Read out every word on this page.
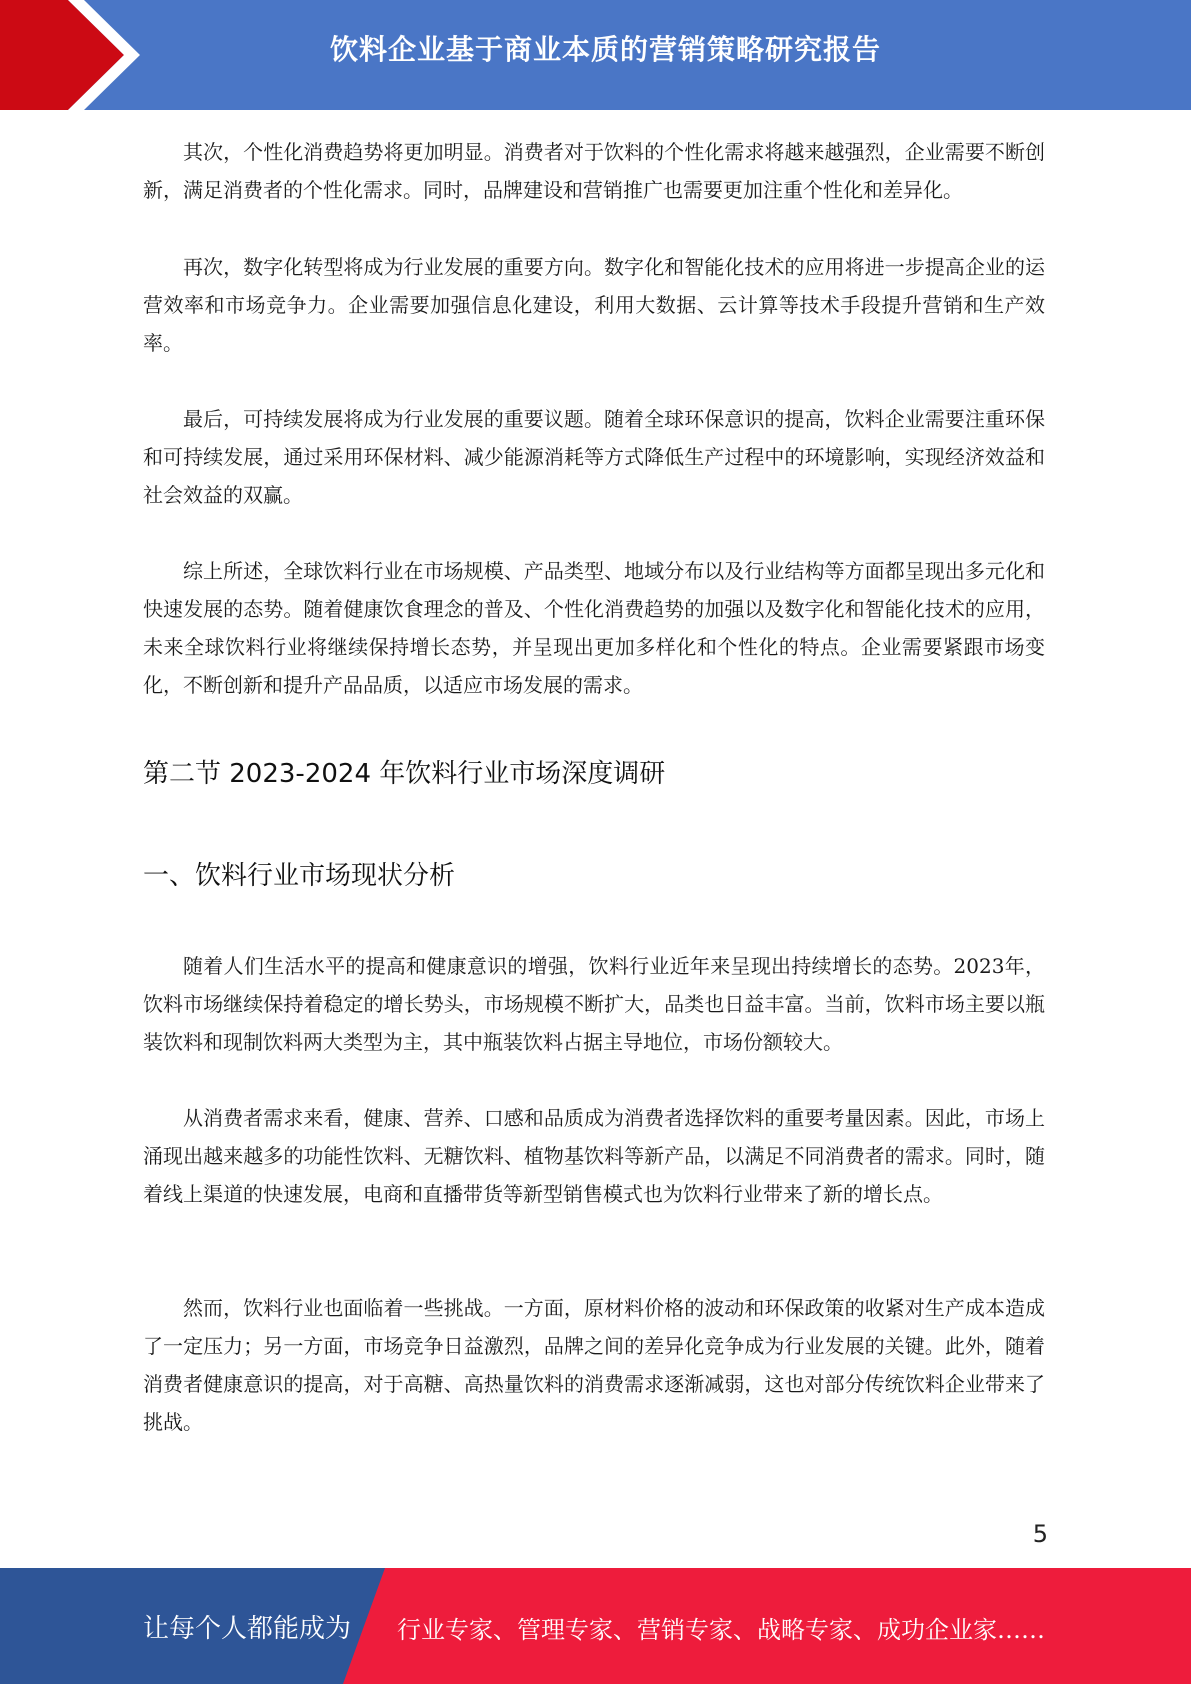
饮料企业基于商业本质的营销策略研究报告

其次，个性化消费趋势将更加明显。消费者对于饮料的个性化需求将越来越强烈，企业需要不断创新，满足消费者的个性化需求。同时，品牌建设和营销推广也需要更加注重个性化和差异化。

再次，数字化转型将成为行业发展的重要方向。数字化和智能化技术的应用将进一步提高企业的运营效率和市场竞争力。企业需要加强信息化建设，利用大数据、云计算等技术手段提升营销和生产效率。

最后，可持续发展将成为行业发展的重要议题。随着全球环保意识的提高，饮料企业需要注重环保和可持续发展，通过采用环保材料、减少能源消耗等方式降低生产过程中的环境影响，实现经济效益和社会效益的双赢。

综上所述，全球饮料行业在市场规模、产品类型、地域分布以及行业结构等方面都呈现出多元化和快速发展的态势。随着健康饮食理念的普及、个性化消费趋势的加强以及数字化和智能化技术的应用，未来全球饮料行业将继续保持增长态势，并呈现出更加多样化和个性化的特点。企业需要紧跟市场变化，不断创新和提升产品品质，以适应市场发展的需求。

第二节 2023-2024 年饮料行业市场深度调研
一、饮料行业市场现状分析

随着人们生活水平的提高和健康意识的增强，饮料行业近年来呈现出持续增长的态势。2023年，饮料市场继续保持着稳定的增长势头，市场规模不断扩大，品类也日益丰富。当前，饮料市场主要以瓶装饮料和现制饮料两大类型为主，其中瓶装饮料占据主导地位，市场份额较大。

从消费者需求来看，健康、营养、口感和品质成为消费者选择饮料的重要考量因素。因此，市场上涌现出越来越多的功能性饮料、无糖饮料、植物基饮料等新产品，以满足不同消费者的需求。同时，随着线上渠道的快速发展，电商和直播带货等新型销售模式也为饮料行业带来了新的增长点。

然而，饮料行业也面临着一些挑战。一方面，原材料价格的波动和环保政策的收紧对生产成本造成了一定压力；另一方面，市场竞争日益激烈，品牌之间的差异化竞争成为行业发展的关键。此外，随着消费者健康意识的提高，对于高糖、高热量饮料的消费需求逐渐减弱，这也对部分传统饮料企业带来了挑战。

5
让每个人都能成为 行业专家、管理专家、营销专家、战略专家、成功企业家……
